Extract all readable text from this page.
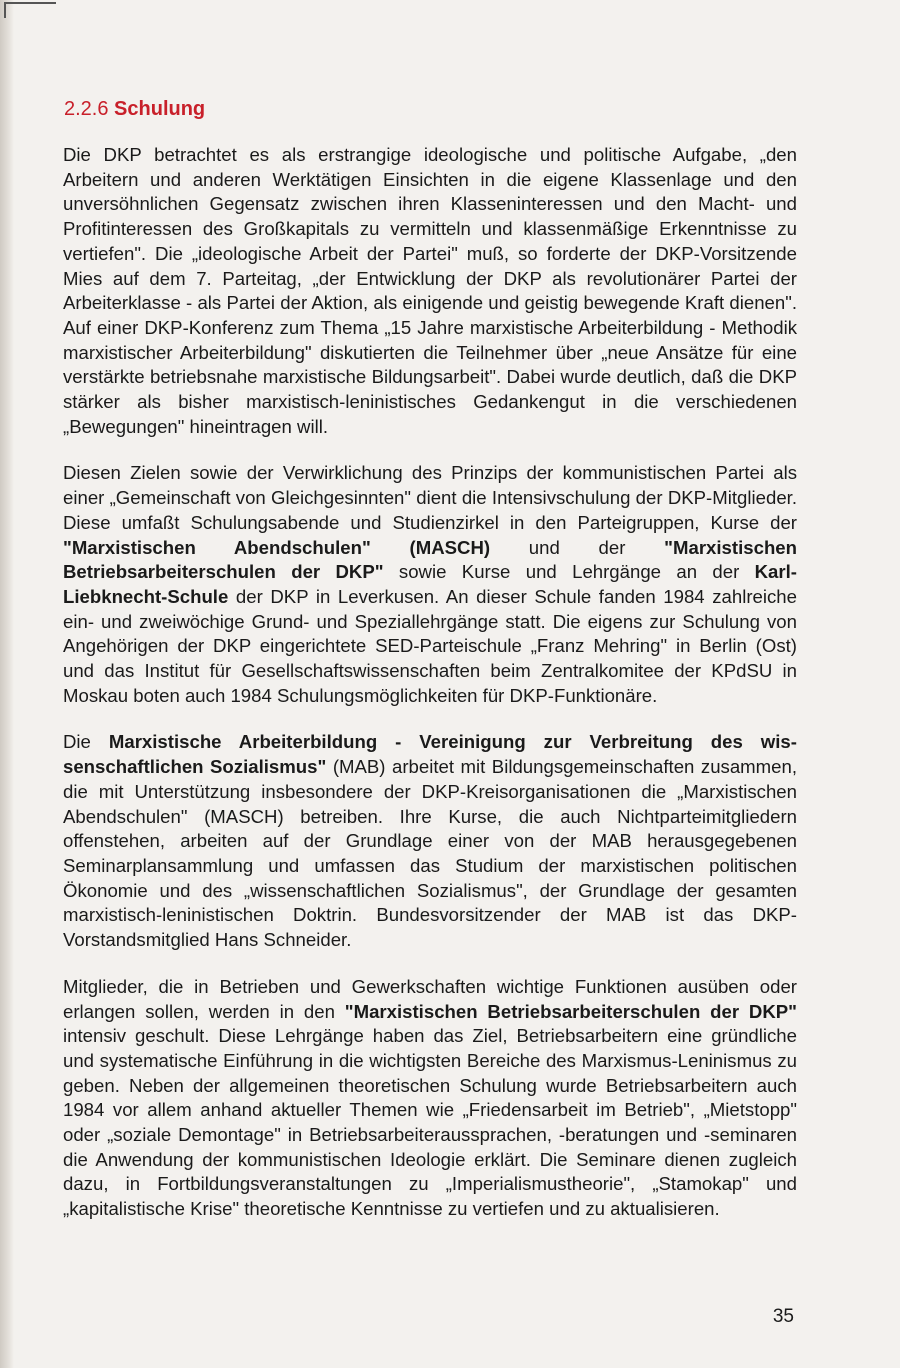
2.2.6 Schulung

Die DKP betrachtet es als erstrangige ideologische und politische Aufgabe, „den Arbeitern und anderen Werktätigen Einsichten in die eigene Klassenlage und den unversöhnlichen Gegensatz zwischen ihren Klasseninteressen und den Macht- und Profitinteressen des Großkapitals zu vermitteln und klassenmäßige Erkenntnisse zu vertiefen". Die „ideologische Arbeit der Partei" muß, so forderte der DKP-Vorsitzende Mies auf dem 7. Parteitag, „der Entwicklung der DKP als revolutionärer Partei der Arbeiterklasse - als Partei der Aktion, als einigende und geistig bewegende Kraft dienen". Auf einer DKP-Konferenz zum Thema „15 Jahre marxistische Arbeiterbildung - Methodik marxistischer Arbeiterbildung" diskutierten die Teilnehmer über „neue Ansätze für eine verstärkte betriebsnahe marxistische Bildungsarbeit". Dabei wurde deutlich, daß die DKP stärker als bisher marxistisch-leninistisches Gedankengut in die verschiedenen „Bewegungen" hineintragen will.

Diesen Zielen sowie der Verwirklichung des Prinzips der kommunistischen Partei als einer „Gemeinschaft von Gleichgesinnten" dient die Intensivschulung der DKP-Mitglieder. Diese umfaßt Schulungsabende und Studienzirkel in den Parteigruppen, Kurse der "Marxistischen Abendschulen" (MASCH) und der "Marxistischen Betriebsarbeiterschulen der DKP" sowie Kurse und Lehrgänge an der Karl-Liebknecht-Schule der DKP in Leverkusen. An dieser Schule fanden 1984 zahlreiche ein- und zweiwöchige Grund- und Speziallehrgänge statt. Die eigens zur Schulung von Angehörigen der DKP eingerichtete SED-Parteischule „Franz Mehring" in Berlin (Ost) und das Institut für Gesellschaftswissenschaften beim Zentralkomitee der KPdSU in Moskau boten auch 1984 Schulungsmöglichkeiten für DKP-Funktionäre.

Die Marxistische Arbeiterbildung - Vereinigung zur Verbreitung des wissenschaftlichen Sozialismus" (MAB) arbeitet mit Bildungsgemeinschaften zusammen, die mit Unterstützung insbesondere der DKP-Kreisorganisationen die „Marxistischen Abendschulen" (MASCH) betreiben. Ihre Kurse, die auch Nichtparteimitgliedern offenstehen, arbeiten auf der Grundlage einer von der MAB herausgegebenen Seminarplansammlung und umfassen das Studium der marxistischen politischen Ökonomie und des „wissenschaftlichen Sozialismus", der Grundlage der gesamten marxistisch-leninistischen Doktrin. Bundesvorsitzender der MAB ist das DKP-Vorstandsmitglied Hans Schneider.

Mitglieder, die in Betrieben und Gewerkschaften wichtige Funktionen ausüben oder erlangen sollen, werden in den "Marxistischen Betriebsarbeiterschulen der DKP" intensiv geschult. Diese Lehrgänge haben das Ziel, Betriebsarbeitern eine gründliche und systematische Einführung in die wichtigsten Bereiche des Marxismus-Leninismus zu geben. Neben der allgemeinen theoretischen Schulung wurde Betriebsarbeitern auch 1984 vor allem anhand aktueller Themen wie „Friedensarbeit im Betrieb", „Mietstopp" oder „soziale Demontage" in Betriebsarbeiteraussprachen, -beratungen und -seminaren die Anwendung der kommunistischen Ideologie erklärt. Die Seminare dienen zugleich dazu, in Fortbildungsveranstaltungen zu „Imperialismustheorie", „Stamokap" und „kapitalistische Krise" theoretische Kenntnisse zu vertiefen und zu aktualisieren.

35
